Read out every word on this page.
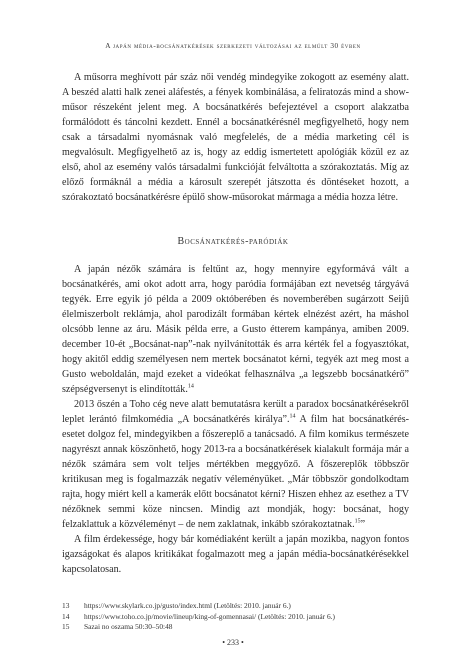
A japán média-bocsánatkérések szerkezeti változásai az elmúlt 30 évben

A műsorra meghívott pár száz női vendég mindegyike zokogott az esemény alatt. A beszéd alatti halk zenei aláfestés, a fények kombinálása, a feliratozás mind a show-műsor részeként jelent meg. A bocsánatkérés befejeztével a csoport alakzatba formálódott és táncolni kezdett. Ennél a bocsánatkérésnél megfigyelhető, hogy nem csak a társadalmi nyomásnak való megfelelés, de a média marketing cél is megvalósult. Megfigyelhető az is, hogy az eddig ismertetett apológiák közül ez az első, ahol az esemény valós társadalmi funkcióját felváltotta a szórakoztatás. Míg az előző formáknál a média a károsult szerepét játszotta és döntéseket hozott, a szórakoztató bocsánatkérésre épülő show-műsorokat mármaga a média hozza létre.

Bocsánatkérés-paródiák

A japán nézők számára is feltűnt az, hogy mennyire egyformává vált a bocsánatkérés, ami okot adott arra, hogy paródia formájában ezt nevetség tárgyává tegyék. Erre egyik jó példa a 2009 októberében és novemberében sugárzott Seijū élelmiszerbolt reklámja, ahol parodizált formában kértek elnézést azért, ha máshol olcsóbb lenne az áru. Másik példa erre, a Gusto étterem kampánya, amiben 2009. december 10-ét „Bocsánat-nap”-nak nyilvánították és arra kérték fel a fogyasztókat, hogy akitől eddig személyesen nem mertek bocsánatot kérni, tegyék azt meg most a Gusto weboldalán, majd ezeket a videókat felhasználva „a legszebb bocsánatkérő” szépségversenyt is elindították.$^{14}$

2013 őszén a Toho cég neve alatt bemutatásra került a paradox bocsánatkérésekről leplet lerántó filmkomédia „A bocsánatkérés királya”.$^{14}$ A film hat bocsánatkérés-esetet dolgoz fel, mindegyikben a főszereplő a tanácsadó. A film komikus természete nagyrészt annak köszönhető, hogy 2013-ra a bocsánatkérések kialakult formája már a nézők számára sem volt teljes mértékben meggyőző. A főszereplők többször kritikusan meg is fogalmazzák negatív véleményüket. „Már többször gondolkodtam rajta, hogy miért kell a kamerák előtt bocsánatot kérni? Hiszen ehhez az esethez a TV nézőknek semmi köze nincsen. Mindig azt mondják, hogy: bocsánat, hogy felzaklattuk a közvéleményt – de nem zaklatnak, inkább szórakoztatnak.$^{15}$”

A film érdekessége, hogy bár komédiaként került a japán mozikba, nagyon fontos igazságokat és alapos kritikákat fogalmazott meg a japán média-bocsánatkérésekkel kapcsolatosan.

13	https://www.skylark.co.jp/gusto/index.html (Letöltés: 2010. január 6.)
14	https://www.toho.co.jp/movie/lineup/king-of-gomennasai/ (Letöltés: 2010. január 6.)
15	Sazai no oszama 50:30–50:48
• 233 •
